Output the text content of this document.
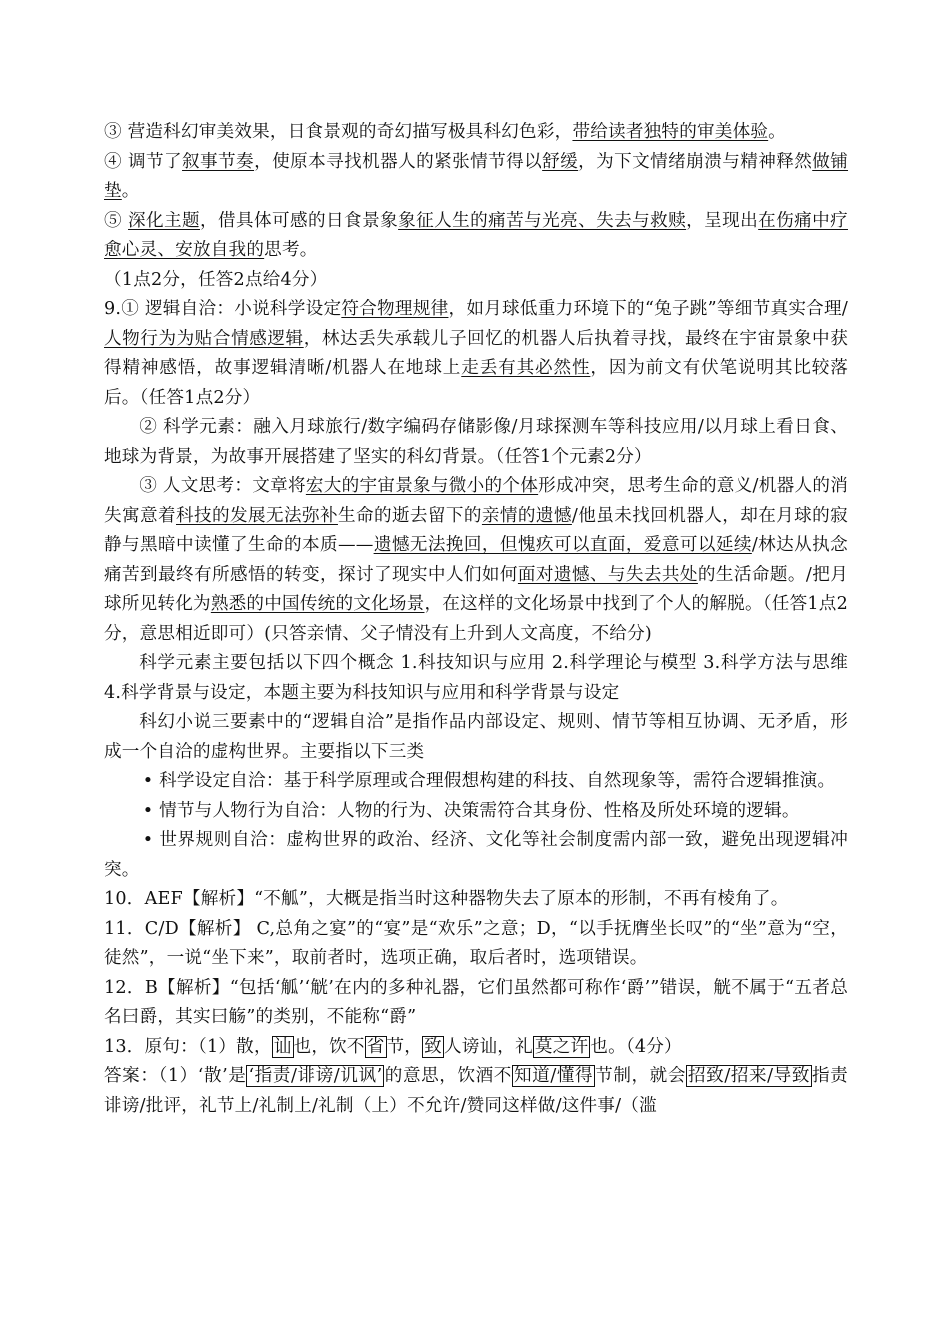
③ 营造科幻审美效果，日食景观的奇幻描写极具科幻色彩，带给读者独特的审美体验。

④ 调节了叙事节奏，使原本寻找机器人的紧张情节得以舒缓，为下文情绪崩溃与精神释然做铺垫。

⑤ 深化主题，借具体可感的日食景象象征人生的痛苦与光亮、失去与救赎，呈现出在伤痛中疗愈心灵、安放自我的思考。

（1点2分，任答2点给4分）

9.① 逻辑自洽：小说科学设定符合物理规律，如月球低重力环境下的“兔子跳”等细节真实合理/人物行为为贴合情感逻辑，林达丢失承载儿子回忆的机器人后执着寻找，最终在宇宙景象中获得精神感悟，故事逻辑清晰/机器人在地球上走丢有其必然性，因为前文有伏笔说明其比较落后。（任答1点2分）

② 科学元素：融入月球旅行/数字编码存储影像/月球探测车等科技应用/以月球上看日食、地球为背景，为故事开展搭建了坚实的科幻背景。（任答1个元素2分）

③ 人文思考：文章将宏大的宇宙景象与微小的个体形成冲突，思考生命的意义/机器人的消失寓意着科技的发展无法弥补生命的逝去留下的亲情的遗憾/他虽未找回机器人，却在月球的寂静与黑暗中读懂了生命的本质——遗憾无法挽回，但愧疚可以直面，爱意可以延续/林达从执念痛苦到最终有所感悟的转变，探讨了现实中人们如何面对遗憾、与失去共处的生活命题。/把月球所见转化为熟悉的中国传统的文化场景，在这样的文化场景中找到了个人的解脱。（任答1点2分，意思相近即可）(只答亲情、父子情没有上升到人文高度，不给分)

科学元素主要包括以下四个概念 1.科技知识与应用 2.科学理论与模型 3.科学方法与思维 4.科学背景与设定，本题主要为科技知识与应用和科学背景与设定

科幻小说三要素中的“逻辑自洽”是指作品内部设定、规则、情节等相互协调、无矛盾，形成一个自洽的虚构世界。主要指以下三类

• 科学设定自洽：基于科学原理或合理假想构建的科技、自然现象等，需符合逻辑推演。

• 情节与人物行为自洽：人物的行为、决策需符合其身份、性格及所处环境的逻辑。

• 世界规则自洽：虚构世界的政治、经济、文化等社会制度需内部一致，避免出现逻辑冲突。

10．AEF【解析】“不觚”，大概是指当时这种器物失去了原本的形制，不再有棱角了。

11．C/D【解析】 C,总角之宴”的“宴”是“欢乐”之意；D，“以手抚膺坐长叹”的“坐”意为“空，徒然”，一说“坐下来”，取前者时，选项正确，取后者时，选项错误。

12．B【解析】“包括‘觚’‘觥’在内的多种礼器，它们虽然都可称作‘爵’”错误，觥不属于“五者总名曰爵，其实曰觞”的类别，不能称“爵”

13．原句：（1）散， 讪 也，饮不 省 节， 致 人谤讪，礼 莫之许 也。（4分）

答案：（1）‘散’是 ‘指责/诽谤/讥讽’ 的意思，饮酒不 知道/懂得 节制，就会 招致/招来/导致 指责诽谤/批评，礼节上/礼制上/礼制（上）不允许/赞同这样做/这件事/（滥
